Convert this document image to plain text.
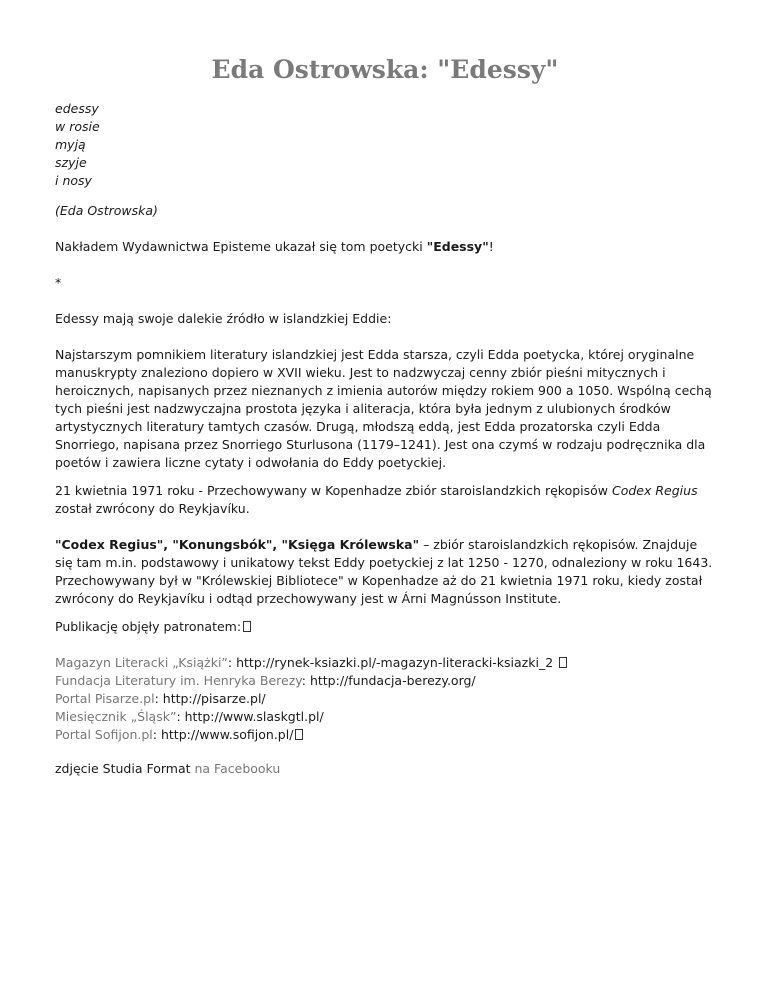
Eda Ostrowska: "Edessy"
edessy
w rosie
myją
szyje
i nosy
(Eda Ostrowska)

Nakładem Wydawnictwa Episteme ukazał się tom poetycki "Edessy"!

*

Edessy mają swoje dalekie źródło w islandzkiej Eddie:

Najstarszym pomnikiem literatury islandzkiej jest Edda starsza, czyli Edda poetycka, której oryginalne manuskrypty znaleziono dopiero w XVII wieku. Jest to nadzwyczaj cenny zbiór pieśni mitycznych i heroicznych, napisanych przez nieznanych z imienia autorów między rokiem 900 a 1050. Wspólną cechą tych pieśni jest nadzwyczajna prostota języka i aliteracja, która była jednym z ulubionych środków artystycznych literatury tamtych czasów. Drugą, młodszą eddą, jest Edda prozatorska czyli Edda Snorriego, napisana przez Snorriego Sturlusona (1179–1241). Jest ona czymś w rodzaju podręcznika dla poetów i zawiera liczne cytaty i odwołania do Eddy poetyckiej.

21 kwietnia 1971 roku - Przechowywany w Kopenhadze zbiór staroislandzkich rękopisów Codex Regius został zwrócony do Reykjavíku.

"Codex Regius", "Konungsbók", "Księga Królewska" – zbiór staroislandzkich rękopisów. Znajduje się tam m.in. podstawowy i unikatowy tekst Eddy poetyckiej z lat 1250 - 1270, odnaleziony w roku 1643. Przechowywany był w "Królewskiej Bibliotece" w Kopenhadze aż do 21 kwietnia 1971 roku, kiedy został zwrócony do Reykjavíku i odtąd przechowywany jest w Árni Magnússon Institute.

Publikację objęły patronatem:

Magazyn Literacki „Książki”: http://rynek-ksiazki.pl/-magazyn-literacki-ksiazki_2
Fundacja Literatury im. Henryka Berezy: http://fundacja-berezy.org/
Portal Pisarze.pl: http://pisarze.pl/
Miesięcznik „Śląsk”: http://www.slaskgtl.pl/
Portal Sofijon.pl: http://www.sofijon.pl/

zdjęcie Studia Format na Facebooku
